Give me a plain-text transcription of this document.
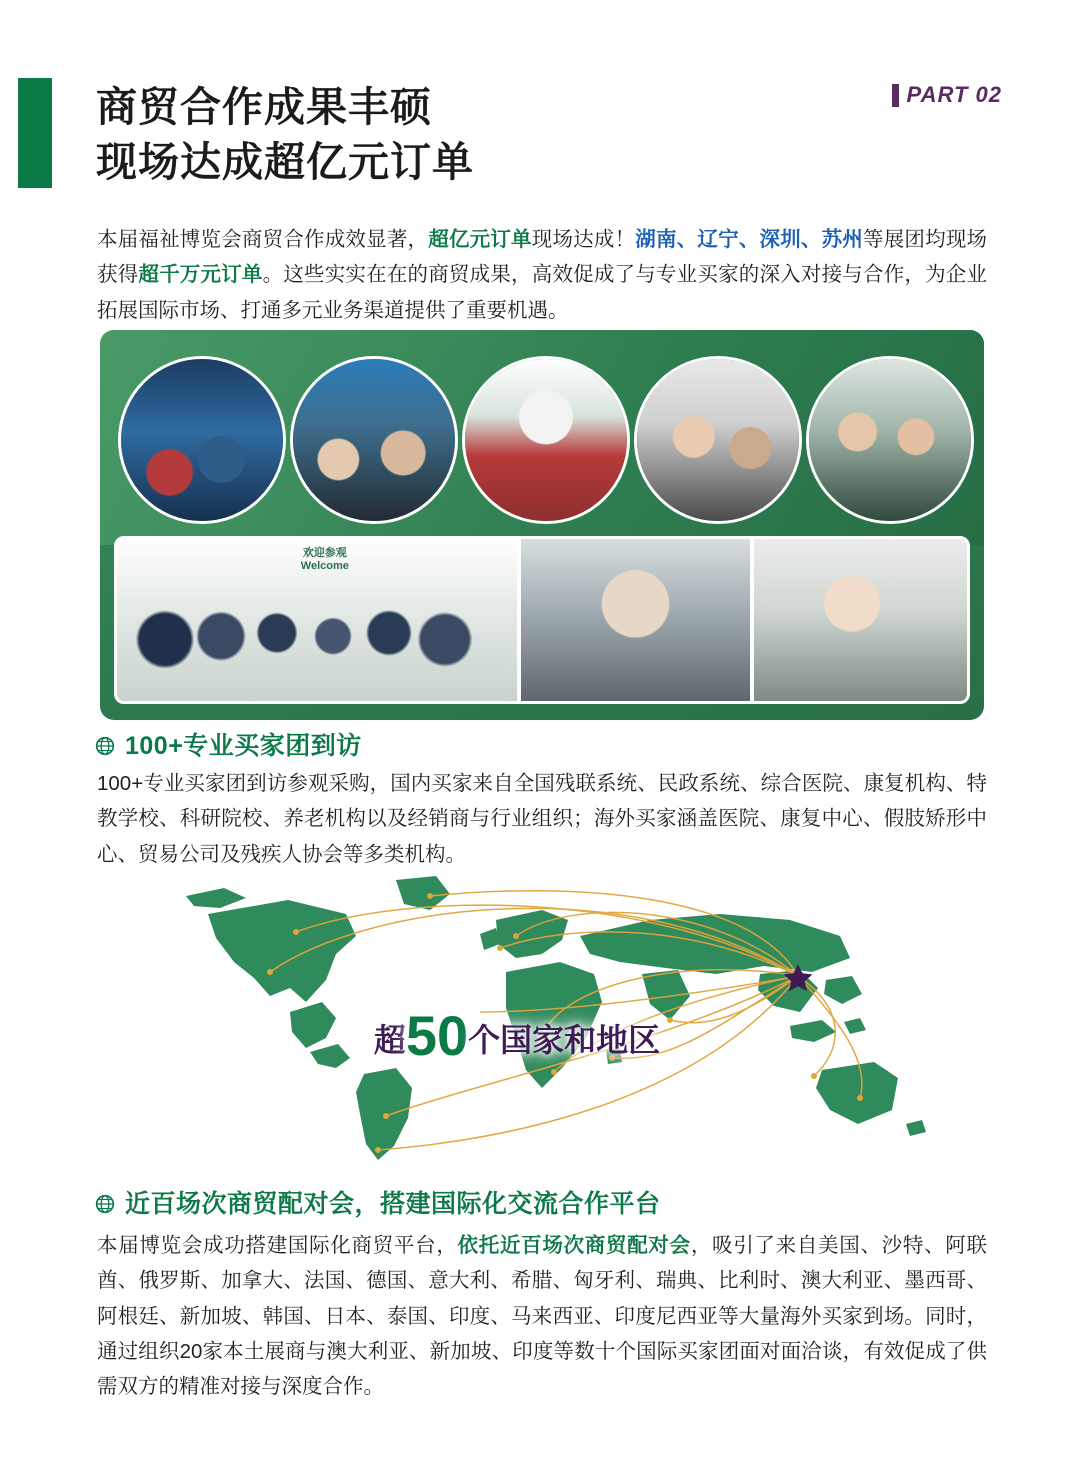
商贸合作成果丰硕
现场达成超亿元订单
PART 02
本届福祉博览会商贸合作成效显著，超亿元订单现场达成！湖南、辽宁、深圳、苏州等展团均现场获得超千万元订单。这些实实在在的商贸成果，高效促成了与专业买家的深入对接与合作，为企业拓展国际市场、打通多元业务渠道提供了重要机遇。
欢迎参观
Welcome
100+专业买家团到访
100+专业买家团到访参观采购，国内买家来自全国残联系统、民政系统、综合医院、康复机构、特教学校、科研院校、养老机构以及经销商与行业组织；海外买家涵盖医院、康复中心、假肢矫形中心、贸易公司及残疾人协会等多类机构。
超50个国家和地区
近百场次商贸配对会，搭建国际化交流合作平台
本届博览会成功搭建国际化商贸平台，依托近百场次商贸配对会，吸引了来自美国、沙特、阿联酋、俄罗斯、加拿大、法国、德国、意大利、希腊、匈牙利、瑞典、比利时、澳大利亚、墨西哥、阿根廷、新加坡、韩国、日本、泰国、印度、马来西亚、印度尼西亚等大量海外买家到场。同时，通过组织20家本土展商与澳大利亚、新加坡、印度等数十个国际买家团面对面洽谈，有效促成了供需双方的精准对接与深度合作。
